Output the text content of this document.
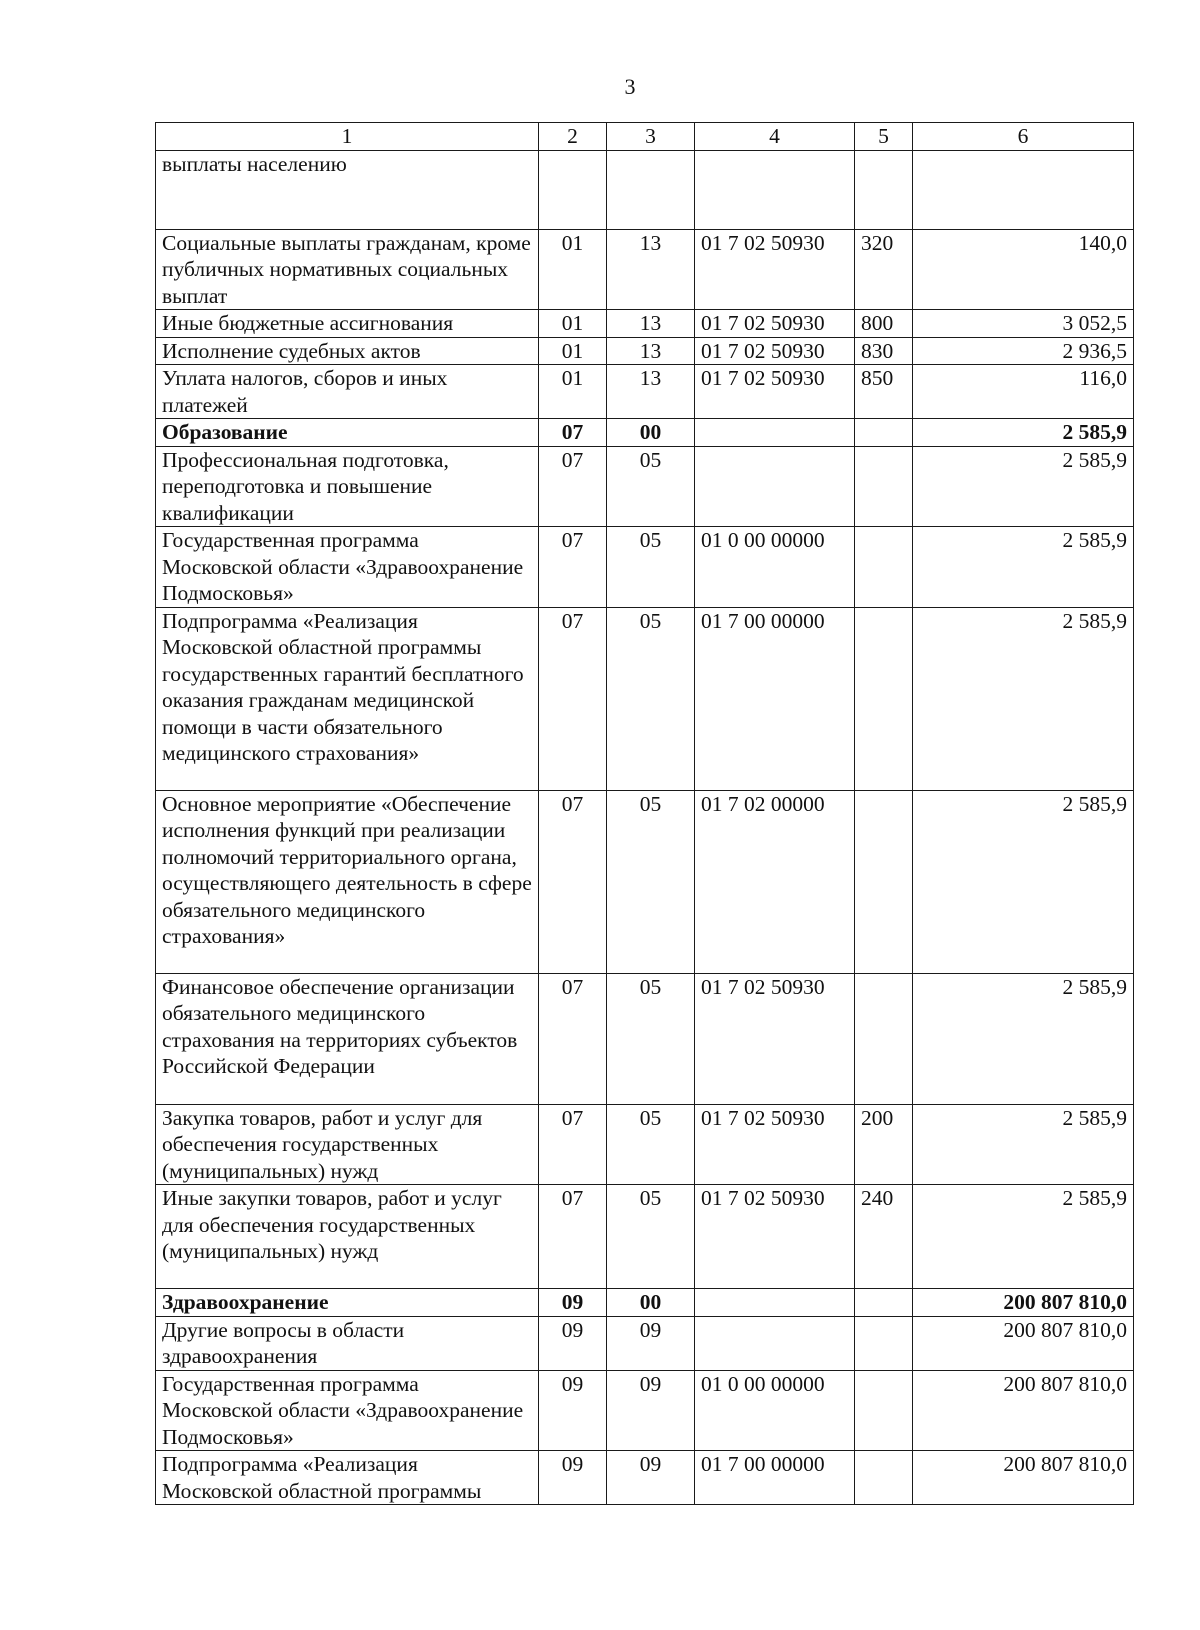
3
1	2	3	4	5	6
выплаты населению					
Социальные выплаты гражданам, кроме публичных нормативных социальных выплат	01	13	01 7 02 50930	320	140,0
Иные бюджетные ассигнования	01	13	01 7 02 50930	800	3 052,5
Исполнение судебных актов	01	13	01 7 02 50930	830	2 936,5
Уплата налогов, сборов и иных платежей	01	13	01 7 02 50930	850	116,0
Образование	07	00			2 585,9
Профессиональная подготовка, переподготовка и повышение квалификации	07	05			2 585,9
Государственная программа Московской области «Здравоохранение Подмосковья»	07	05	01 0 00 00000		2 585,9
Подпрограмма «Реализация Московской областной программы государственных гарантий бесплатного оказания гражданам медицинской помощи в части обязательного медицинского страхования»	07	05	01 7 00 00000		2 585,9
Основное мероприятие «Обеспечение исполнения функций при реализации полномочий территориального органа, осуществляющего деятельность в сфере обязательного медицинского страхования»	07	05	01 7 02 00000		2 585,9
Финансовое обеспечение организации обязательного медицинского страхования на территориях субъектов Российской Федерации	07	05	01 7 02 50930		2 585,9
Закупка товаров, работ и услуг для обеспечения государственных (муниципальных) нужд	07	05	01 7 02 50930	200	2 585,9
Иные закупки товаров, работ и услуг для обеспечения государственных (муниципальных) нужд	07	05	01 7 02 50930	240	2 585,9
Здравоохранение	09	00			200 807 810,0
Другие вопросы в области здравоохранения	09	09			200 807 810,0
Государственная программа Московской области «Здравоохранение Подмосковья»	09	09	01 0 00 00000		200 807 810,0
Подпрограмма «Реализация Московской областной программы	09	09	01 7 00 00000		200 807 810,0
